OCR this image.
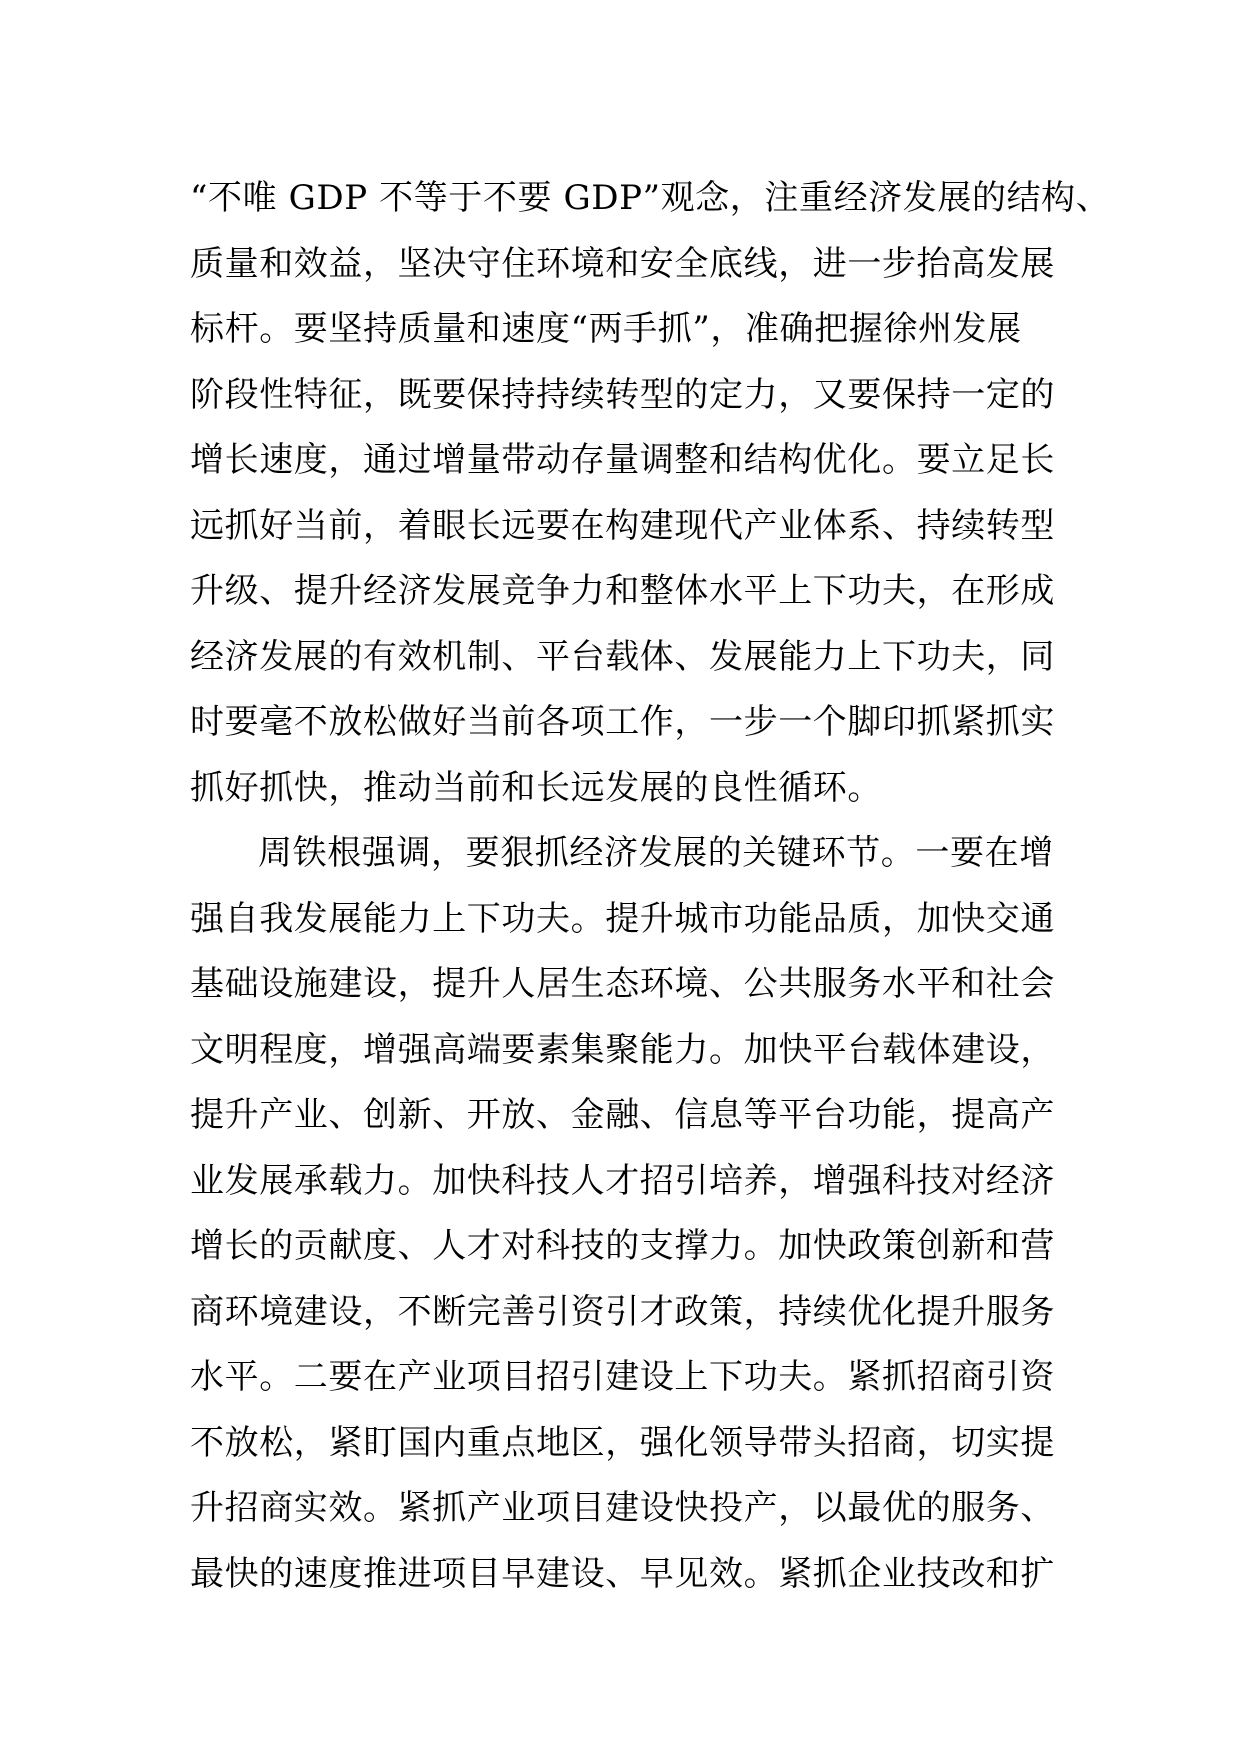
“不唯 GDP 不等于不要 GDP”观念，注重经济发展的结构、
质量和效益，坚决守住环境和安全底线，进一步抬高发展
标杆。要坚持质量和速度“两手抓”，准确把握徐州发展
阶段性特征，既要保持持续转型的定力，又要保持一定的
增长速度，通过增量带动存量调整和结构优化。要立足长
远抓好当前，着眼长远要在构建现代产业体系、持续转型
升级、提升经济发展竞争力和整体水平上下功夫，在形成
经济发展的有效机制、平台载体、发展能力上下功夫，同
时要毫不放松做好当前各项工作，一步一个脚印抓紧抓实
抓好抓快，推动当前和长远发展的良性循环。
周铁根强调，要狠抓经济发展的关键环节。一要在增
强自我发展能力上下功夫。提升城市功能品质，加快交通
基础设施建设，提升人居生态环境、公共服务水平和社会
文明程度，增强高端要素集聚能力。加快平台载体建设，
提升产业、创新、开放、金融、信息等平台功能，提高产
业发展承载力。加快科技人才招引培养，增强科技对经济
增长的贡献度、人才对科技的支撑力。加快政策创新和营
商环境建设，不断完善引资引才政策，持续优化提升服务
水平。二要在产业项目招引建设上下功夫。紧抓招商引资
不放松，紧盯国内重点地区，强化领导带头招商，切实提
升招商实效。紧抓产业项目建设快投产，以最优的服务、
最快的速度推进项目早建设、早见效。紧抓企业技改和扩
